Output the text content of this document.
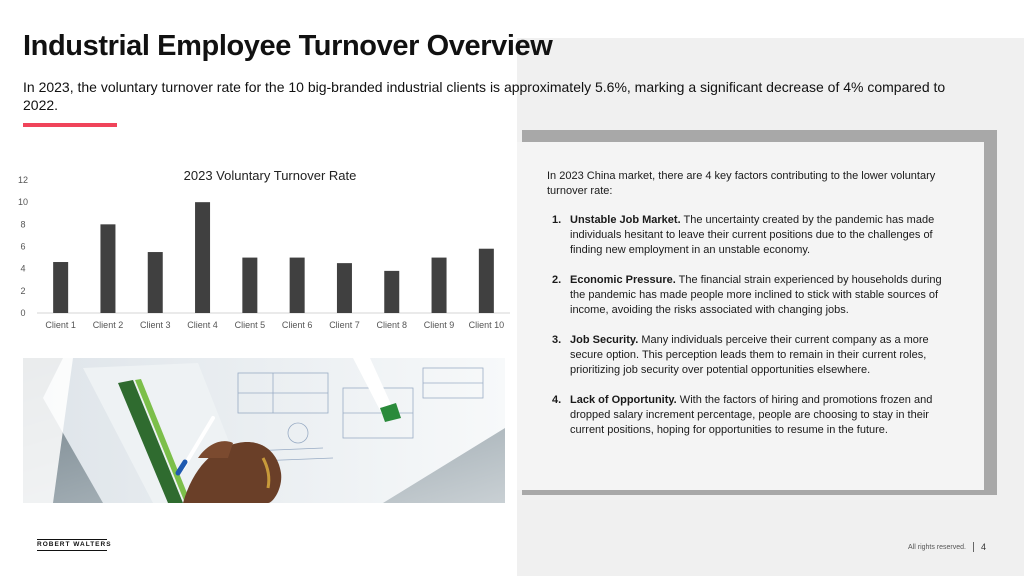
Industrial Employee Turnover Overview
In 2023, the voluntary turnover rate for the 10 big-branded industrial clients is approximately 5.6%, marking a significant decrease of 4% compared to 2022.
2023 Voluntary Turnover Rate
0
2
4
6
8
10
12
Client 1 Client 2 Client 3 Client 4 Client 5 Client 6 Client 7 Client 8 Client 9 Client 10

In 2023 China market, there are 4 key factors contributing to the lower voluntary turnover rate:

1. Unstable Job Market. The uncertainty created by the pandemic has made individuals hesitant to leave their current positions due to the challenges of finding new employment in an unstable economy.
2. Economic Pressure. The financial strain experienced by households during the pandemic has made people more inclined to stick with stable sources of income, avoiding the risks associated with changing jobs.
3. Job Security. Many individuals perceive their current company as a more secure option. This perception leads them to remain in their current roles, prioritizing job security over potential opportunities elsewhere.
4. Lack of Opportunity. With the factors of hiring and promotions frozen and dropped salary increment percentage, people are choosing to stay in their current positions, hoping for opportunities to resume in the future.
ROBERT WALTERS	All rights reserved. 4
